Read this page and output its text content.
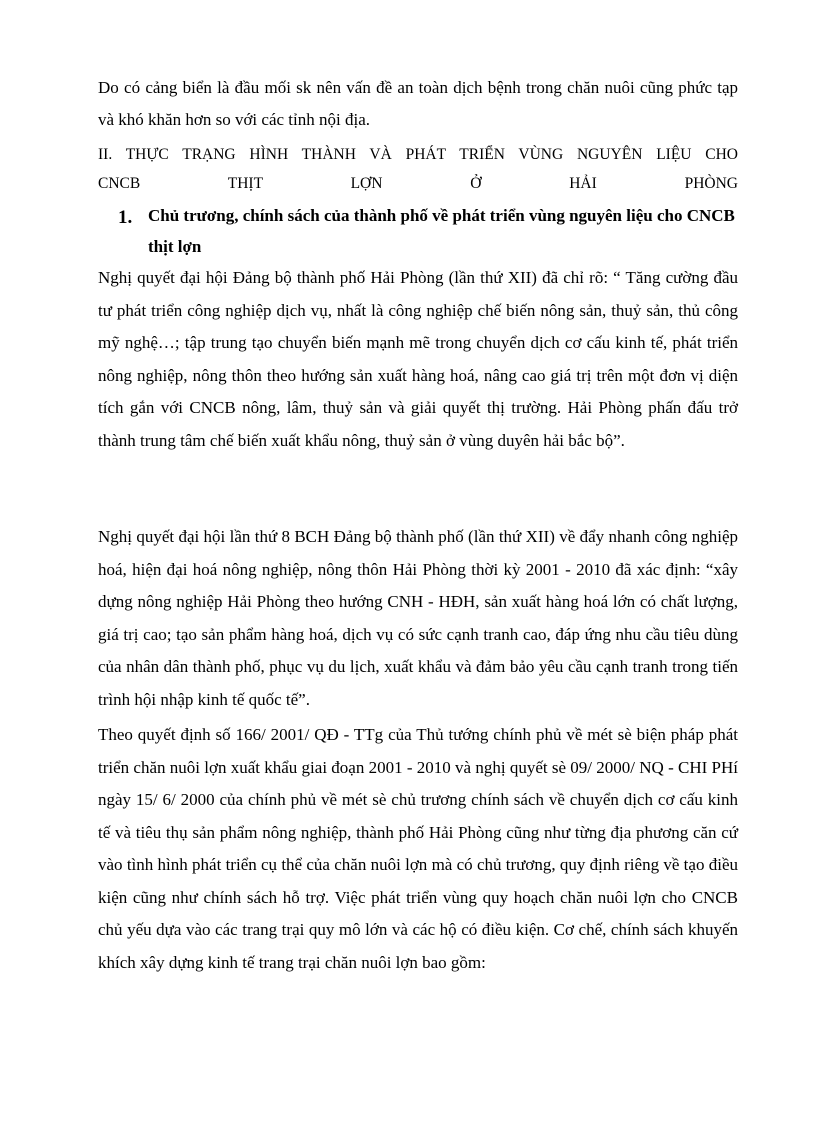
Do có cảng biển là đầu mối sk nên vấn đề an toàn dịch bệnh trong chăn nuôi cũng phức tạp và khó khăn hơn so với các tỉnh nội địa.

II. THỰC TRẠNG HÌNH THÀNH VÀ PHÁT TRIỂN VÙNG NGUYÊN LIỆU CHO

CNCB THỊT LỢN Ở HẢI PHÒNG

1. Chủ trương, chính sách của thành phố về phát triển vùng nguyên liệu cho CNCB thịt lợn

Nghị quyết đại hội Đảng bộ thành phố Hải Phòng (lần thứ XII) đã chỉ rõ: “ Tăng cường đầu tư phát triển công nghiệp dịch vụ, nhất là công nghiệp chế biến nông sản, thuỷ sản, thủ công mỹ nghệ…; tập trung tạo chuyển biến mạnh mẽ trong chuyển dịch cơ cấu kinh tế, phát triển nông nghiệp, nông thôn theo hướng sản xuất hàng hoá, nâng cao giá trị trên một đơn vị diện tích gắn với CNCB nông, lâm, thuỷ sản và giải quyết thị trường. Hải Phòng phấn đấu trở thành trung tâm chế biến xuất khẩu nông, thuỷ sản ở vùng duyên hải bắc bộ”.

Nghị quyết đại hội lần thứ 8 BCH Đảng bộ thành phố (lần thứ XII) về đẩy nhanh công nghiệp hoá, hiện đại hoá nông nghiệp, nông thôn Hải Phòng thời kỳ 2001 - 2010 đã xác định: “xây dựng nông nghiệp Hải Phòng theo hướng CNH - HĐH, sản xuất hàng hoá lớn có chất lượng, giá trị cao; tạo sản phẩm hàng hoá, dịch vụ có sức cạnh tranh cao, đáp ứng nhu cầu tiêu dùng của nhân dân thành phố, phục vụ du lịch, xuất khẩu và đảm bảo yêu cầu cạnh tranh trong tiến trình hội nhập kinh tế quốc tế”.

Theo quyết định số 166/ 2001/ QĐ - TTg của Thủ tướng chính phủ về mét sè biện pháp phát triển chăn nuôi lợn xuất khẩu giai đoạn 2001 - 2010 và nghị quyết sè 09/ 2000/ NQ - CHI PHí ngày 15/ 6/ 2000 của chính phủ về mét sè chủ trương chính sách về chuyển dịch cơ cấu kinh tế và tiêu thụ sản phẩm nông nghiệp, thành phố Hải Phòng cũng như từng địa phương căn cứ vào tình hình phát triển cụ thể của chăn nuôi lợn mà có chủ trương, quy định riêng về tạo điều kiện cũng như chính sách hỗ trợ. Việc phát triển vùng quy hoạch chăn nuôi lợn cho CNCB chủ yếu dựa vào các trang trại quy mô lớn và các hộ có điều kiện. Cơ chế, chính sách khuyến khích xây dựng kinh tế trang trại chăn nuôi lợn bao gồm:
